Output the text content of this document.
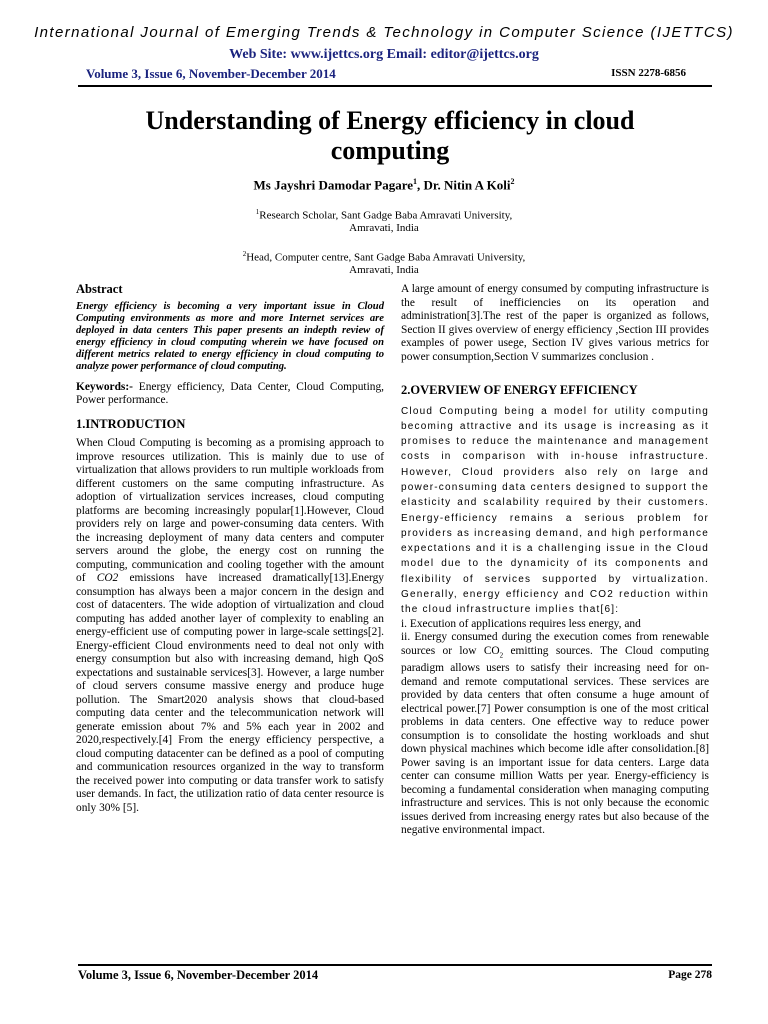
International Journal of Emerging Trends & Technology in Computer Science (IJETTCS)
Web Site: www.ijettcs.org Email: editor@ijettcs.org
Volume 3, Issue 6, November-December 2014	ISSN 2278-6856
Understanding of Energy efficiency in cloud computing
Ms Jayshri Damodar Pagare$^1$, Dr. Nitin A Koli$^2$
$^1$Research Scholar, Sant Gadge Baba Amravati University,
Amravati, India
$^2$Head, Computer centre, Sant Gadge Baba Amravati University,
Amravati, India

Abstract

Energy efficiency is becoming a very important issue in Cloud Computing environments as more and more Internet services are deployed in data centers This paper presents an indepth review of energy efficiency in cloud computing wherein we have focused on different metrics related to energy efficiency in cloud computing to analyze power performance of cloud computing.

Keywords:- Energy efficiency, Data Center, Cloud Computing, Power performance.

1.INTRODUCTION

When Cloud Computing is becoming as a promising approach to improve resources utilization. This is mainly due to use of virtualization that allows providers to run multiple workloads from different customers on the same computing infrastructure. As adoption of virtualization services increases, cloud computing platforms are becoming increasingly popular[1].However, Cloud providers rely on large and power-consuming data centers. With the increasing deployment of many data centers and computer servers around the globe, the energy cost on running the computing, communication and cooling together with the amount of CO2 emissions have increased dramatically[13].Energy consumption has always been a major concern in the design and cost of datacenters. The wide adoption of virtualization and cloud computing has added another layer of complexity to enabling an energy-efficient use of computing power in large-scale settings[2]. Energy-efficient Cloud environments need to deal not only with energy consumption but also with increasing demand, high QoS expectations and sustainable services[3]. However, a large number of cloud servers consume massive energy and produce huge pollution. The Smart2020 analysis shows that cloud-based computing data center and the telecommunication network will generate emission about 7% and 5% each year in 2002 and 2020,respectively.[4] From the energy efficiency perspective, a cloud computing datacenter can be defined as a pool of computing and communication resources organized in the way to transform the received power into computing or data transfer work to satisfy user demands. In fact, the utilization ratio of data center resource is only 30% [5].

A large amount of energy consumed by computing infrastructure is the result of inefficiencies on its operation and administration[3].The rest of the paper is organized as follows, Section II gives overview of energy efficiency ,Section III provides examples of power usege, Section IV gives various metrics for power consumption,Section V summarizes conclusion .

2.OVERVIEW OF ENERGY EFFICIENCY

Cloud Computing being a model for utility computing becoming attractive and its usage is increasing as it promises to reduce the maintenance and management costs in comparison with in-house infrastructure. However, Cloud providers also rely on large and power-consuming data centers designed to support the elasticity and scalability required by their customers. Energy-efficiency remains a serious problem for providers as increasing demand, and high performance expectations and it is a challenging issue in the Cloud model due to the dynamicity of its components and flexibility of services supported by virtualization. Generally, energy efficiency and CO2 reduction within the cloud infrastructure implies that[6]:

i. Execution of applications requires less energy, and

ii. Energy consumed during the execution comes from renewable sources or low $CO_2$ emitting sources. The Cloud computing paradigm allows users to satisfy their increasing need for on-demand and remote computational services. These services are provided by data centers that often consume a huge amount of electrical power.[7] Power consumption is one of the most critical problems in data centers. One effective way to reduce power consumption is to consolidate the hosting workloads and shut down physical machines which become idle after consolidation.[8] Power saving is an important issue for data centers. Large data center can consume million Watts per year. Energy-efficiency is becoming a fundamental consideration when managing computing infrastructure and services. This is not only because the economic issues derived from increasing energy rates but also because of the negative environmental impact.

Volume 3, Issue 6, November-December 2014	Page 278
